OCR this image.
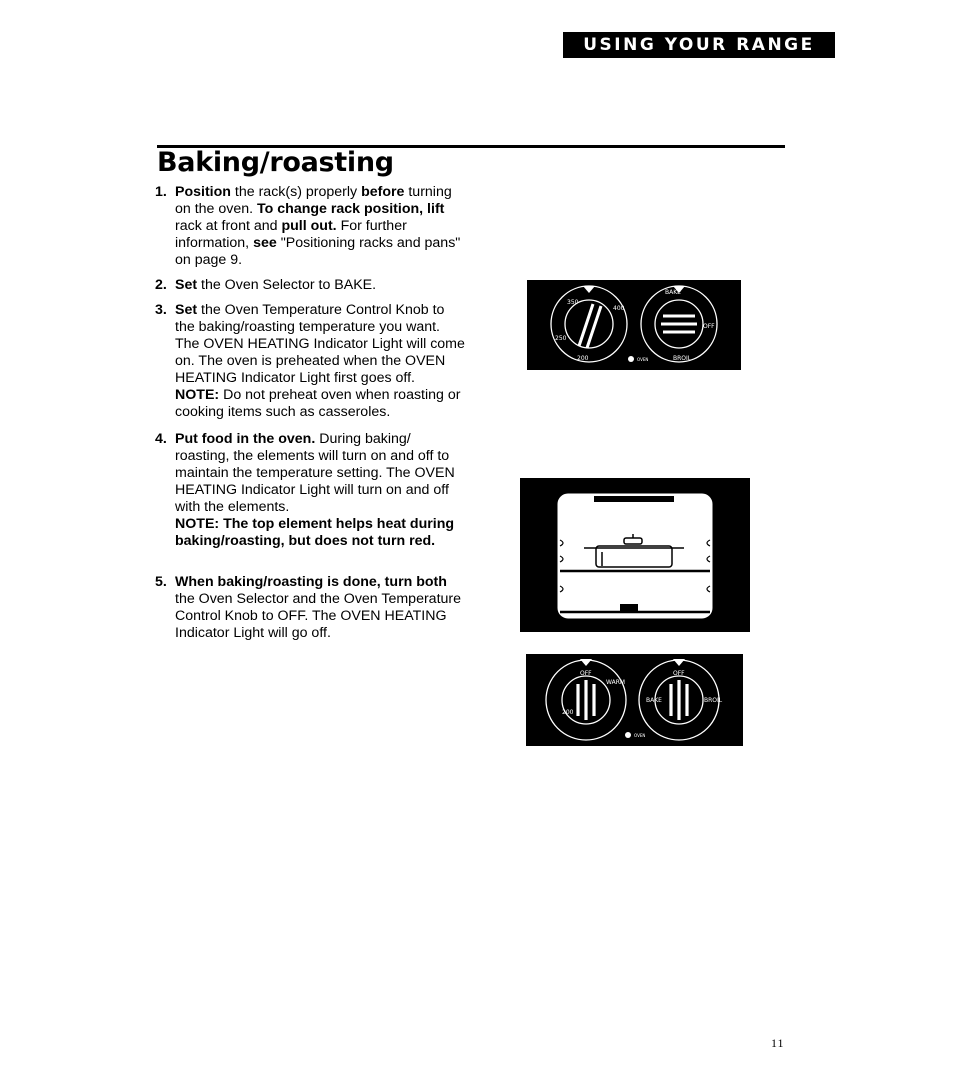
USING YOUR RANGE
Baking/roasting
1. Position the rack(s) properly before turning on the oven. To change rack position, lift rack at front and pull out. For further information, see "Positioning racks and pans" on page 9.

2. Set the Oven Selector to BAKE.

3. Set the Oven Temperature Control Knob to the baking/roasting temperature you want. The OVEN HEATING Indicator Light will come on. The oven is preheated when the OVEN HEATING Indicator Light first goes off.

NOTE: Do not preheat oven when roasting or cooking items such as casseroles.

4. Put food in the oven. During baking/ roasting, the elements will turn on and off to maintain the temperature setting. The OVEN HEATING Indicator Light will turn on and off with the elements.

NOTE: The top element helps heat during baking/roasting, but does not turn red.

5. When baking/roasting is done, turn both the Oven Selector and the Oven Temperature Control Knob to OFF. The OVEN HEATING Indicator Light will go off.

350
400
250
200
BAKE
OFF
BROIL
OVEN
OFF
WARM
200
OFF
BAKE	BROIL
OVEN
11
